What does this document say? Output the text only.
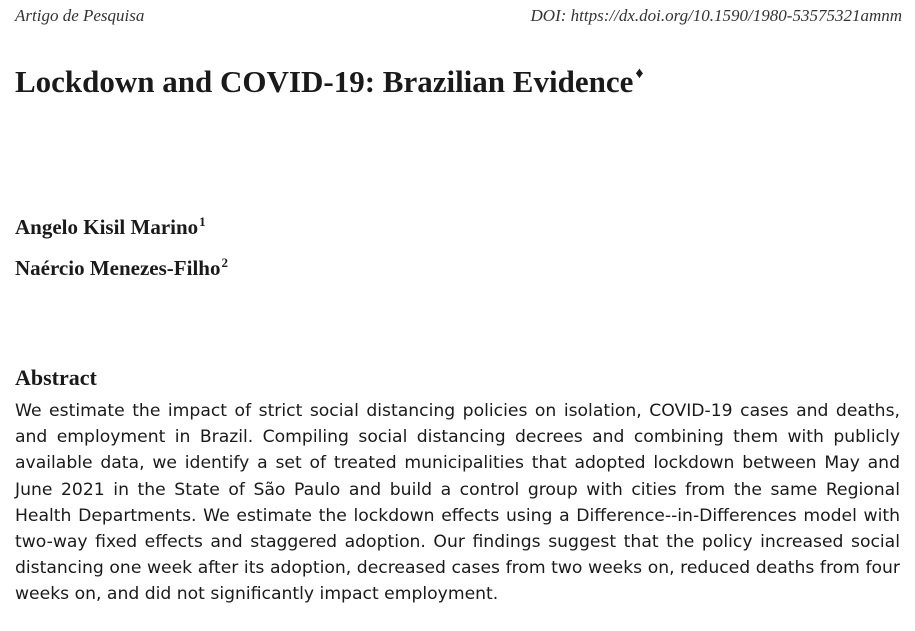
Artigo de Pesquisa	DOI: https://dx.doi.org/10.1590/1980-53575321amnm
Lockdown and COVID-19: Brazilian Evidence ♦
Angelo Kisil Marino$^1$
Naércio Menezes-Filho$^2$
Abstract

We estimate the impact of strict social distancing policies on isolation, COVID-19 cases and deaths, and employment in Brazil. Compiling social distancing decrees and combining them with publicly available data, we identify a set of treated municipalities that adopted lockdown between May and June 2021 in the State of São Paulo and build a control group with cities from the same Regional Health Departments. We estimate the lockdown effects using a Difference--in-Differences model with two-way fixed effects and staggered adoption. Our findings suggest that the policy increased social distancing one week after its adoption, decreased cases from two weeks on, reduced deaths from four weeks on, and did not significantly impact employment.
